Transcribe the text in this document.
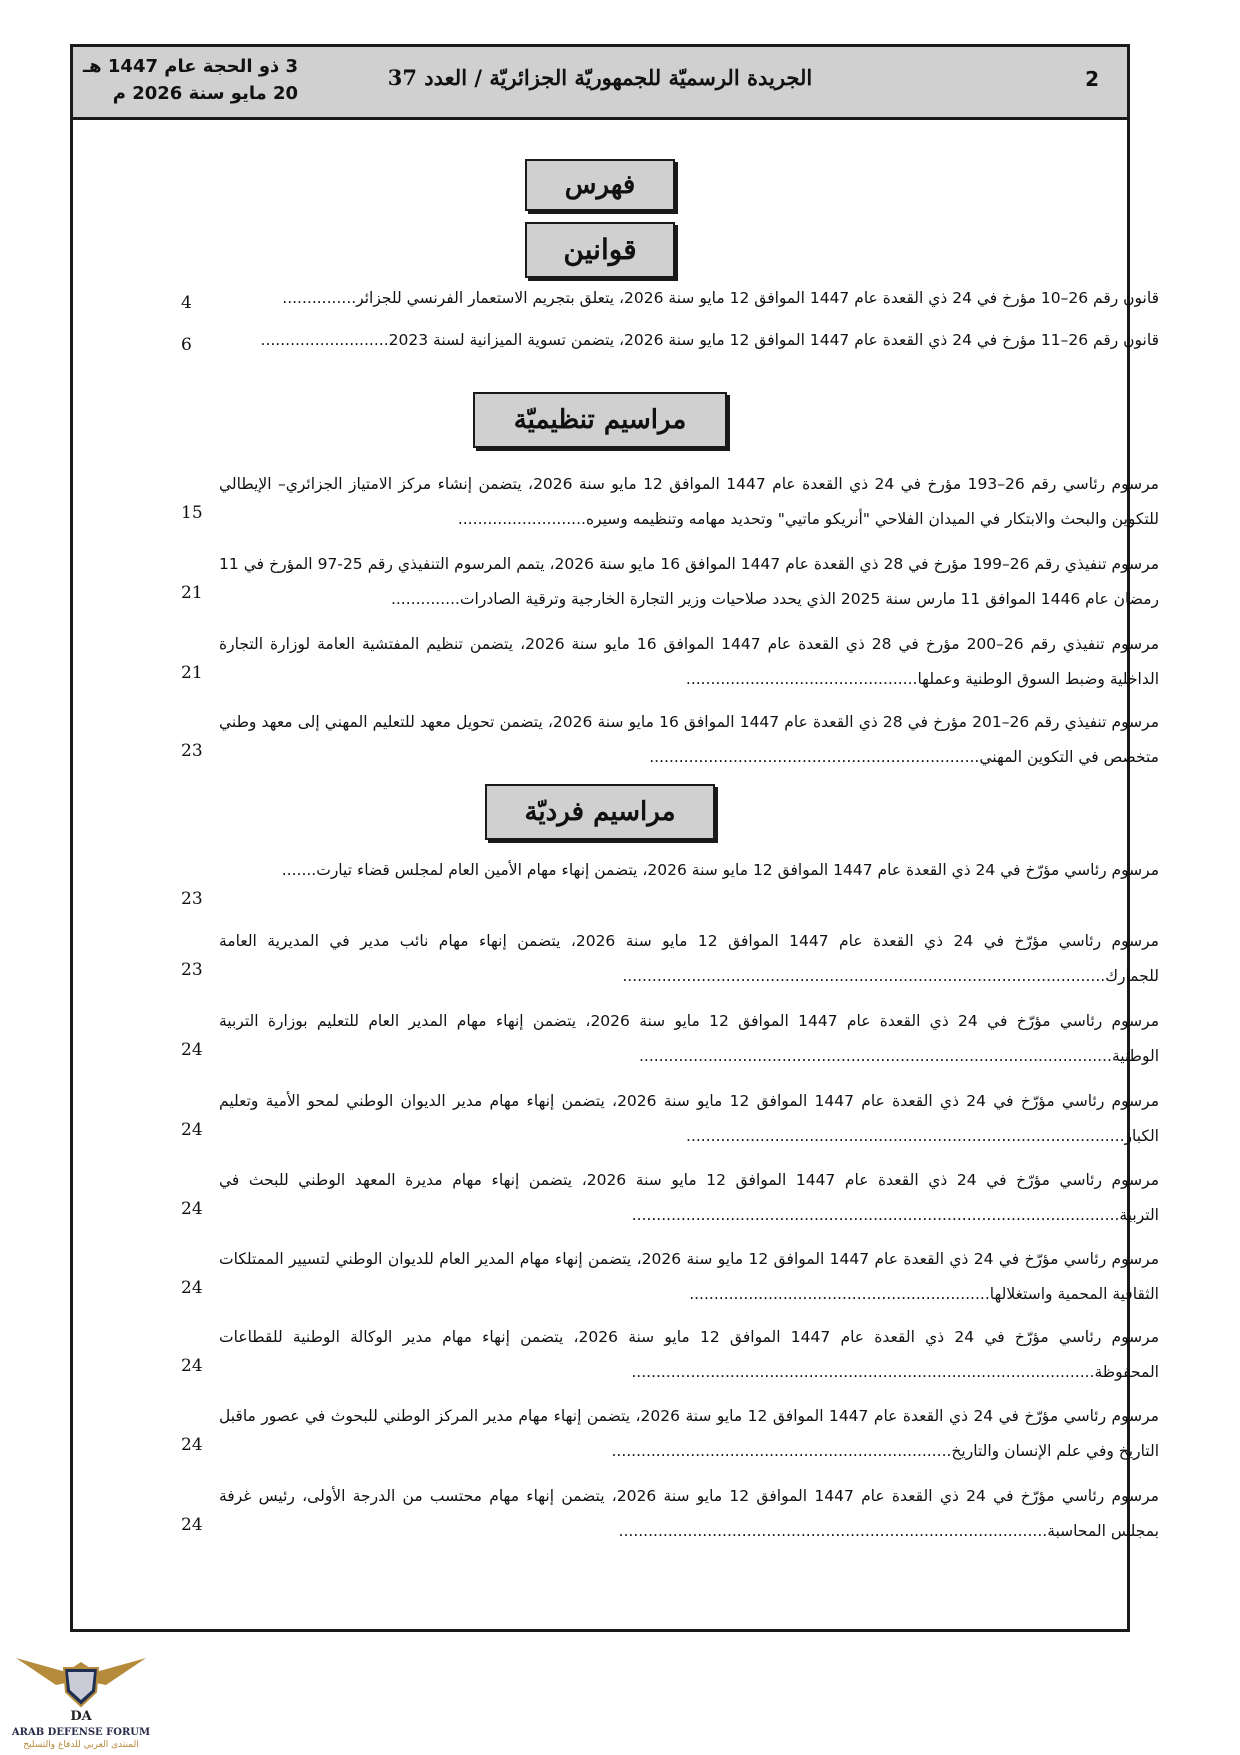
2
الجريدة الرسميّة للجمهوريّة الجزائريّة / العدد 37
3 ذو الحجة عام 1447 هـ
20 مايو سنة 2026 م
فهرس
قوانين
قانون رقم 26–10 مؤرخ في 24 ذي القعدة عام 1447 الموافق 12 مايو سنة 2026، يتعلق بتجريم الاستعمار الفرنسي للجزائر...............
4
قانون رقم 26–11 مؤرخ في 24 ذي القعدة عام 1447 الموافق 12 مايو سنة 2026، يتضمن تسوية الميزانية لسنة 2023..........................
6
مراسيم تنظيميّة
مرسوم رئاسي رقم 26–193 مؤرخ في 24 ذي القعدة عام 1447 الموافق 12 مايو سنة 2026، يتضمن إنشاء مركز الامتياز الجزائري– الإيطالي للتكوين والبحث والابتكار في الميدان الفلاحي "أنريكو ماتيي" وتحديد مهامه وتنظيمه وسيره..........................
15
مرسوم تنفيذي رقم 26–199 مؤرخ في 28 ذي القعدة عام 1447 الموافق 16 مايو سنة 2026، يتمم المرسوم التنفيذي رقم 25-97 المؤرخ في 11 رمضان عام 1446 الموافق 11 مارس سنة 2025 الذي يحدد صلاحيات وزير التجارة الخارجية وترقية الصادرات..............
21
مرسوم تنفيذي رقم 26–200 مؤرخ في 28 ذي القعدة عام 1447 الموافق 16 مايو سنة 2026، يتضمن تنظيم المفتشية العامة لوزارة التجارة الداخلية وضبط السوق الوطنية وعملها...............................................
21
مرسوم تنفيذي رقم 26–201 مؤرخ في 28 ذي القعدة عام 1447 الموافق 16 مايو سنة 2026، يتضمن تحويل معهد للتعليم المهني إلى معهد وطني متخصص في التكوين المهني...................................................................
23
مراسيم فرديّة
مرسوم رئاسي مؤرّخ في 24 ذي القعدة عام 1447 الموافق 12 مايو سنة 2026، يتضمن إنهاء مهام الأمين العام لمجلس قضاء تيارت.......
23
مرسوم رئاسي مؤرّخ في 24 ذي القعدة عام 1447 الموافق 12 مايو سنة 2026، يتضمن إنهاء مهام نائب مدير في المديرية العامة للجمارك..................................................................................................
23
مرسوم رئاسي مؤرّخ في 24 ذي القعدة عام 1447 الموافق 12 مايو سنة 2026، يتضمن إنهاء مهام المدير العام للتعليم بوزارة التربية الوطنية................................................................................................
24
مرسوم رئاسي مؤرّخ في 24 ذي القعدة عام 1447 الموافق 12 مايو سنة 2026، يتضمن إنهاء مهام مدير الديوان الوطني لمحو الأمية وتعليم الكبار.........................................................................................
24
مرسوم رئاسي مؤرّخ في 24 ذي القعدة عام 1447 الموافق 12 مايو سنة 2026، يتضمن إنهاء مهام مديرة المعهد الوطني للبحث في التربية...................................................................................................
24
مرسوم رئاسي مؤرّخ في 24 ذي القعدة عام 1447 الموافق 12 مايو سنة 2026، يتضمن إنهاء مهام المدير العام للديوان الوطني لتسيير الممتلكات الثقافية المحمية واستغلالها.............................................................
24
مرسوم رئاسي مؤرّخ في 24 ذي القعدة عام 1447 الموافق 12 مايو سنة 2026، يتضمن إنهاء مهام مدير الوكالة الوطنية للقطاعات المحفوظة..............................................................................................
24
مرسوم رئاسي مؤرّخ في 24 ذي القعدة عام 1447 الموافق 12 مايو سنة 2026، يتضمن إنهاء مهام مدير المركز الوطني للبحوث في عصور ماقبل التاريخ وفي علم الإنسان والتاريخ.....................................................................
24
مرسوم رئاسي مؤرّخ في 24 ذي القعدة عام 1447 الموافق 12 مايو سنة 2026، يتضمن إنهاء مهام محتسب من الدرجة الأولى، رئيس غرفة بمجلس المحاسبة.......................................................................................
24
DA
ARAB DEFENSE FORUM
المنتدى العربي للدفاع والتسليح
